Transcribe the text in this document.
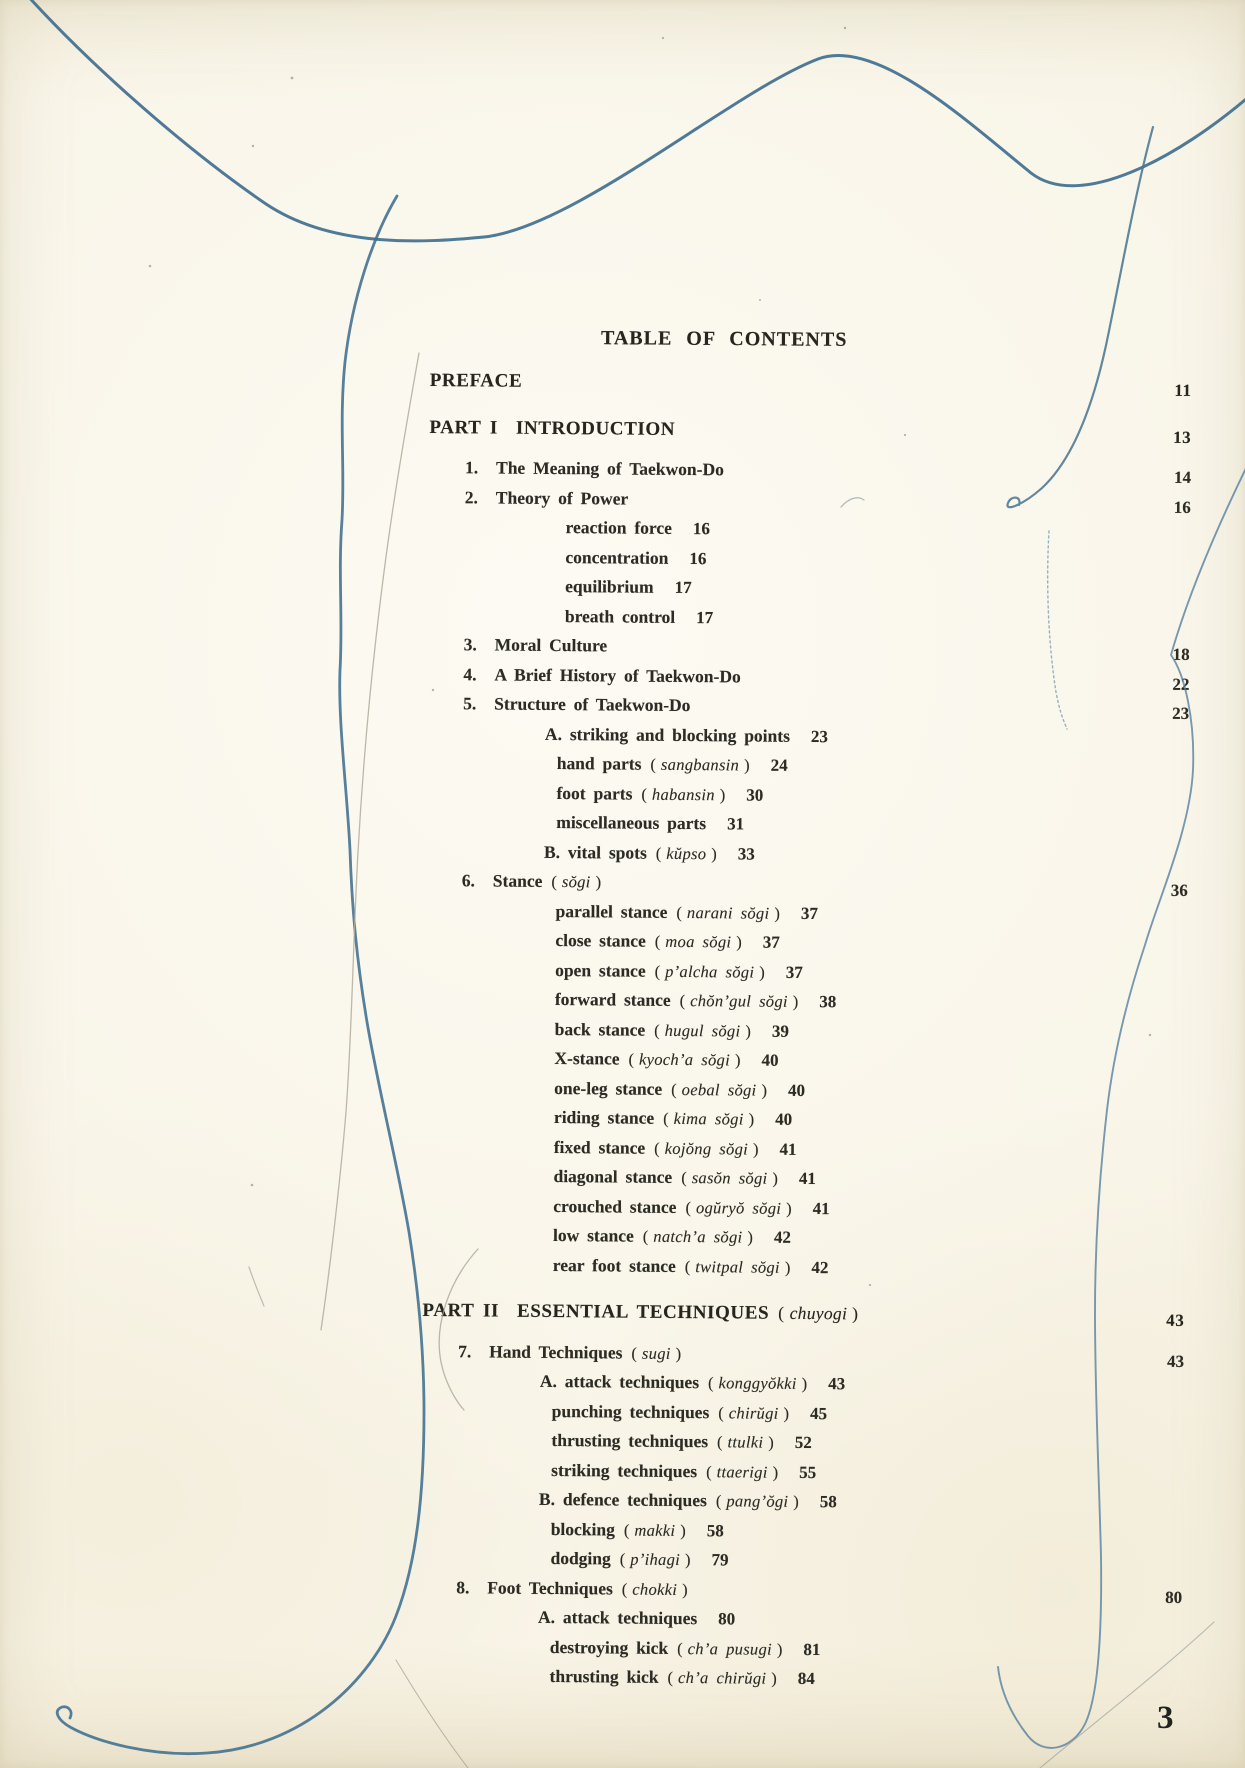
TABLE OF CONTENTS
PREFACE	11
PART I INTRODUCTION	13
1. The Meaning of Taekwon-Do	14
2. Theory of Power	16
reaction force 16
concentration 16
equilibrium 17
breath control 17
3. Moral Culture	18
4. A Brief History of Taekwon-Do	22
5. Structure of Taekwon-Do	23
A. striking and blocking points 23
hand parts ( sangbansin ) 24
foot parts ( habansin ) 30
miscellaneous parts 31
B. vital spots ( kŭpso ) 33
6. Stance ( sŏgi )	36
parallel stance ( narani sŏgi ) 37
close stance ( moa sŏgi ) 37
open stance ( p’alcha sŏgi ) 37
forward stance ( chŏn’gul sŏgi ) 38
back stance ( hugul sŏgi ) 39
X-stance ( kyoch’a sŏgi ) 40
one-leg stance ( oebal sŏgi ) 40
riding stance ( kima sŏgi ) 40
fixed stance ( kojŏng sŏgi ) 41
diagonal stance ( sasŏn sŏgi ) 41
crouched stance ( ogŭryŏ sŏgi ) 41
low stance ( natch’a sŏgi ) 42
rear foot stance ( twitpal sŏgi ) 42
PART II ESSENTIAL TECHNIQUES ( chuyogi )	43
7. Hand Techniques ( sugi )	43
A. attack techniques ( konggyŏkki ) 43
punching techniques ( chirŭgi ) 45
thrusting techniques ( ttulki ) 52
striking techniques ( ttaerigi ) 55
B. defence techniques ( pang’ŏgi ) 58
blocking ( makki ) 58
dodging ( p’ihagi ) 79
8. Foot Techniques ( chokki )	80
A. attack techniques 80
destroying kick ( ch’a pusugi ) 81
thrusting kick ( ch’a chirŭgi ) 84
3
